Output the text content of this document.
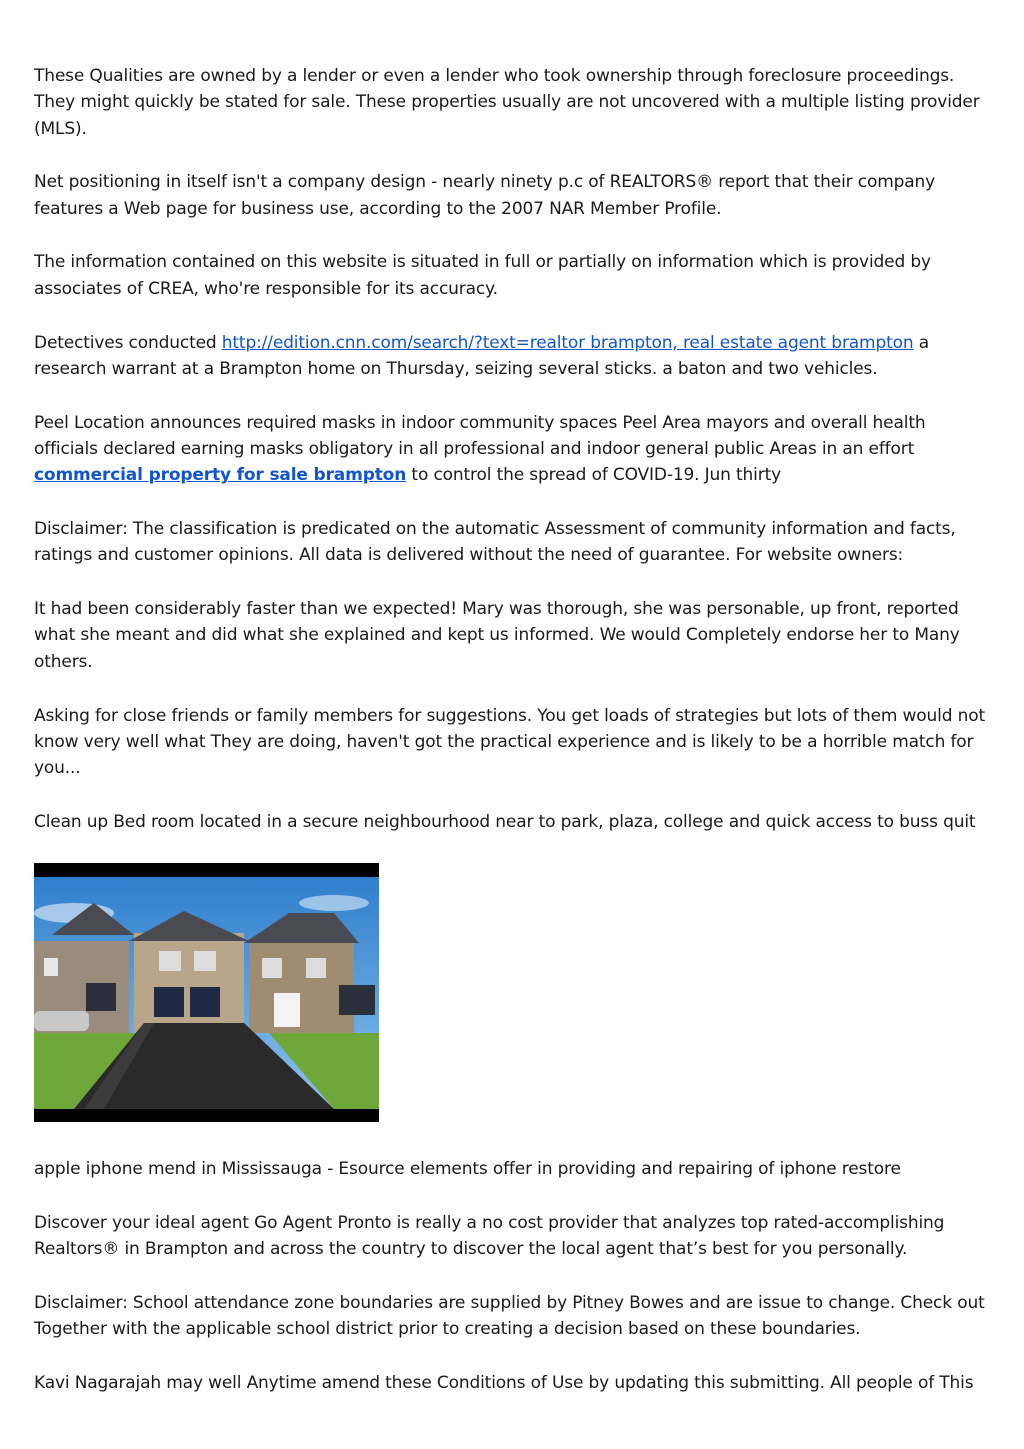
These Qualities are owned by a lender or even a lender who took ownership through foreclosure proceedings. They might quickly be stated for sale. These properties usually are not uncovered with a multiple listing provider (MLS).

Net positioning in itself isn't a company design - nearly ninety p.c of REALTORS® report that their company features a Web page for business use, according to the 2007 NAR Member Profile.

The information contained on this website is situated in full or partially on information which is provided by associates of CREA, who're responsible for its accuracy.

Detectives conducted http://edition.cnn.com/search/?text=realtor brampton, real estate agent brampton a research warrant at a Brampton home on Thursday, seizing several sticks. a baton and two vehicles.

Peel Location announces required masks in indoor community spaces Peel Area mayors and overall health officials declared earning masks obligatory in all professional and indoor general public Areas in an effort commercial property for sale brampton to control the spread of COVID-19. Jun thirty

Disclaimer: The classification is predicated on the automatic Assessment of community information and facts, ratings and customer opinions. All data is delivered without the need of guarantee. For website owners:

It had been considerably faster than we expected! Mary was thorough, she was personable, up front, reported what she meant and did what she explained and kept us informed. We would Completely endorse her to Many others.

Asking for close friends or family members for suggestions. You get loads of strategies but lots of them would not know very well what They are doing, haven't got the practical experience and is likely to be a horrible match for you...

Clean up Bed room located in a secure neighbourhood near to park, plaza, college and quick access to buss quit

apple iphone mend in Mississauga - Esource elements offer in providing and repairing of iphone restore

Discover your ideal agent Go Agent Pronto is really a no cost provider that analyzes top rated-accomplishing Realtors® in Brampton and across the country to discover the local agent that’s best for you personally.

Disclaimer: School attendance zone boundaries are supplied by Pitney Bowes and are issue to change. Check out Together with the applicable school district prior to creating a decision based on these boundaries.

Kavi Nagarajah may well Anytime amend these Conditions of Use by updating this submitting. All people of This
